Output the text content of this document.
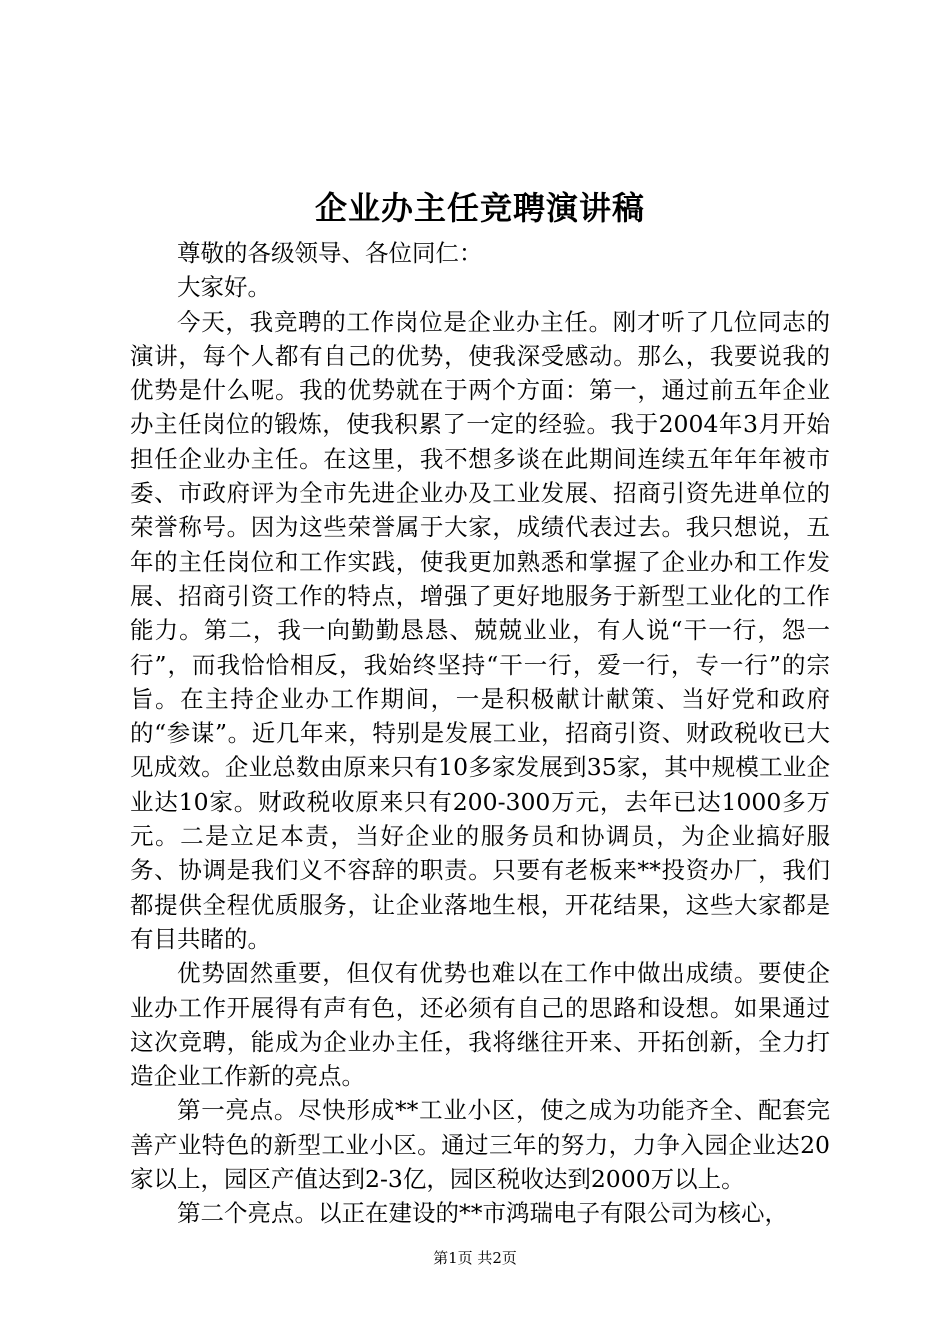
企业办主任竞聘演讲稿

尊敬的各级领导、各位同仁：

大家好。

今天，我竞聘的工作岗位是企业办主任。刚才听了几位同志的演讲，每个人都有自己的优势，使我深受感动。那么，我要说我的优势是什么呢。我的优势就在于两个方面：第一，通过前五年企业办主任岗位的锻炼，使我积累了一定的经验。我于2004年3月开始担任企业办主任。在这里，我不想多谈在此期间连续五年年年被市委、市政府评为全市先进企业办及工业发展、招商引资先进单位的荣誉称号。因为这些荣誉属于大家，成绩代表过去。我只想说，五年的主任岗位和工作实践，使我更加熟悉和掌握了企业办和工作发展、招商引资工作的特点，增强了更好地服务于新型工业化的工作能力。第二，我一向勤勤恳恳、兢兢业业，有人说“干一行，怨一行”，而我恰恰相反，我始终坚持“干一行，爱一行，专一行”的宗旨。在主持企业办工作期间，一是积极献计献策、当好党和政府的“参谋”。近几年来，特别是发展工业，招商引资、财政税收已大见成效。企业总数由原来只有10多家发展到35家，其中规模工业企业达10家。财政税收原来只有200-300万元，去年已达1000多万元。二是立足本责，当好企业的服务员和协调员，为企业搞好服务、协调是我们义不容辞的职责。只要有老板来**投资办厂，我们都提供全程优质服务，让企业落地生根，开花结果，这些大家都是有目共睹的。

优势固然重要，但仅有优势也难以在工作中做出成绩。要使企业办工作开展得有声有色，还必须有自己的思路和设想。如果通过这次竞聘，能成为企业办主任，我将继往开来、开拓创新，全力打造企业工作新的亮点。

第一亮点。尽快形成**工业小区，使之成为功能齐全、配套完善产业特色的新型工业小区。通过三年的努力，力争入园企业达20家以上，园区产值达到2-3亿，园区税收达到2000万以上。

第二个亮点。以正在建设的**市鸿瑞电子有限公司为核心，

第1页 共2页
